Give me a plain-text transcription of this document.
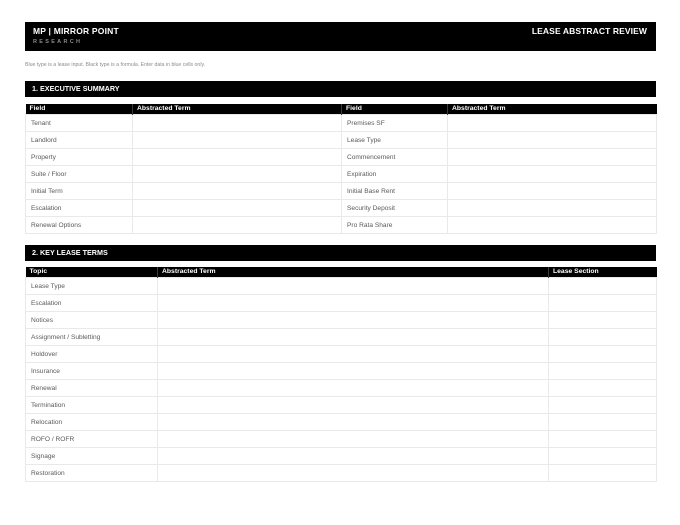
MP | MIRROR POINT
RESEARCH
LEASE ABSTRACT REVIEW
Blue type is a lease input. Black type is a formula. Enter data in blue cells only.
1. EXECUTIVE SUMMARY
Field	Abstracted Term	Field	Abstracted Term
Tenant		Premises SF	
Landlord		Lease Type	
Property		Commencement	
Suite / Floor		Expiration	
Initial Term		Initial Base Rent	
Escalation		Security Deposit	
Renewal Options		Pro Rata Share	
2. KEY LEASE TERMS
Topic	Abstracted Term	Lease Section
Lease Type		
Escalation		
Notices		
Assignment / Subletting		
Holdover		
Insurance		
Renewal		
Termination		
Relocation		
ROFO / ROFR		
Signage		
Restoration		
